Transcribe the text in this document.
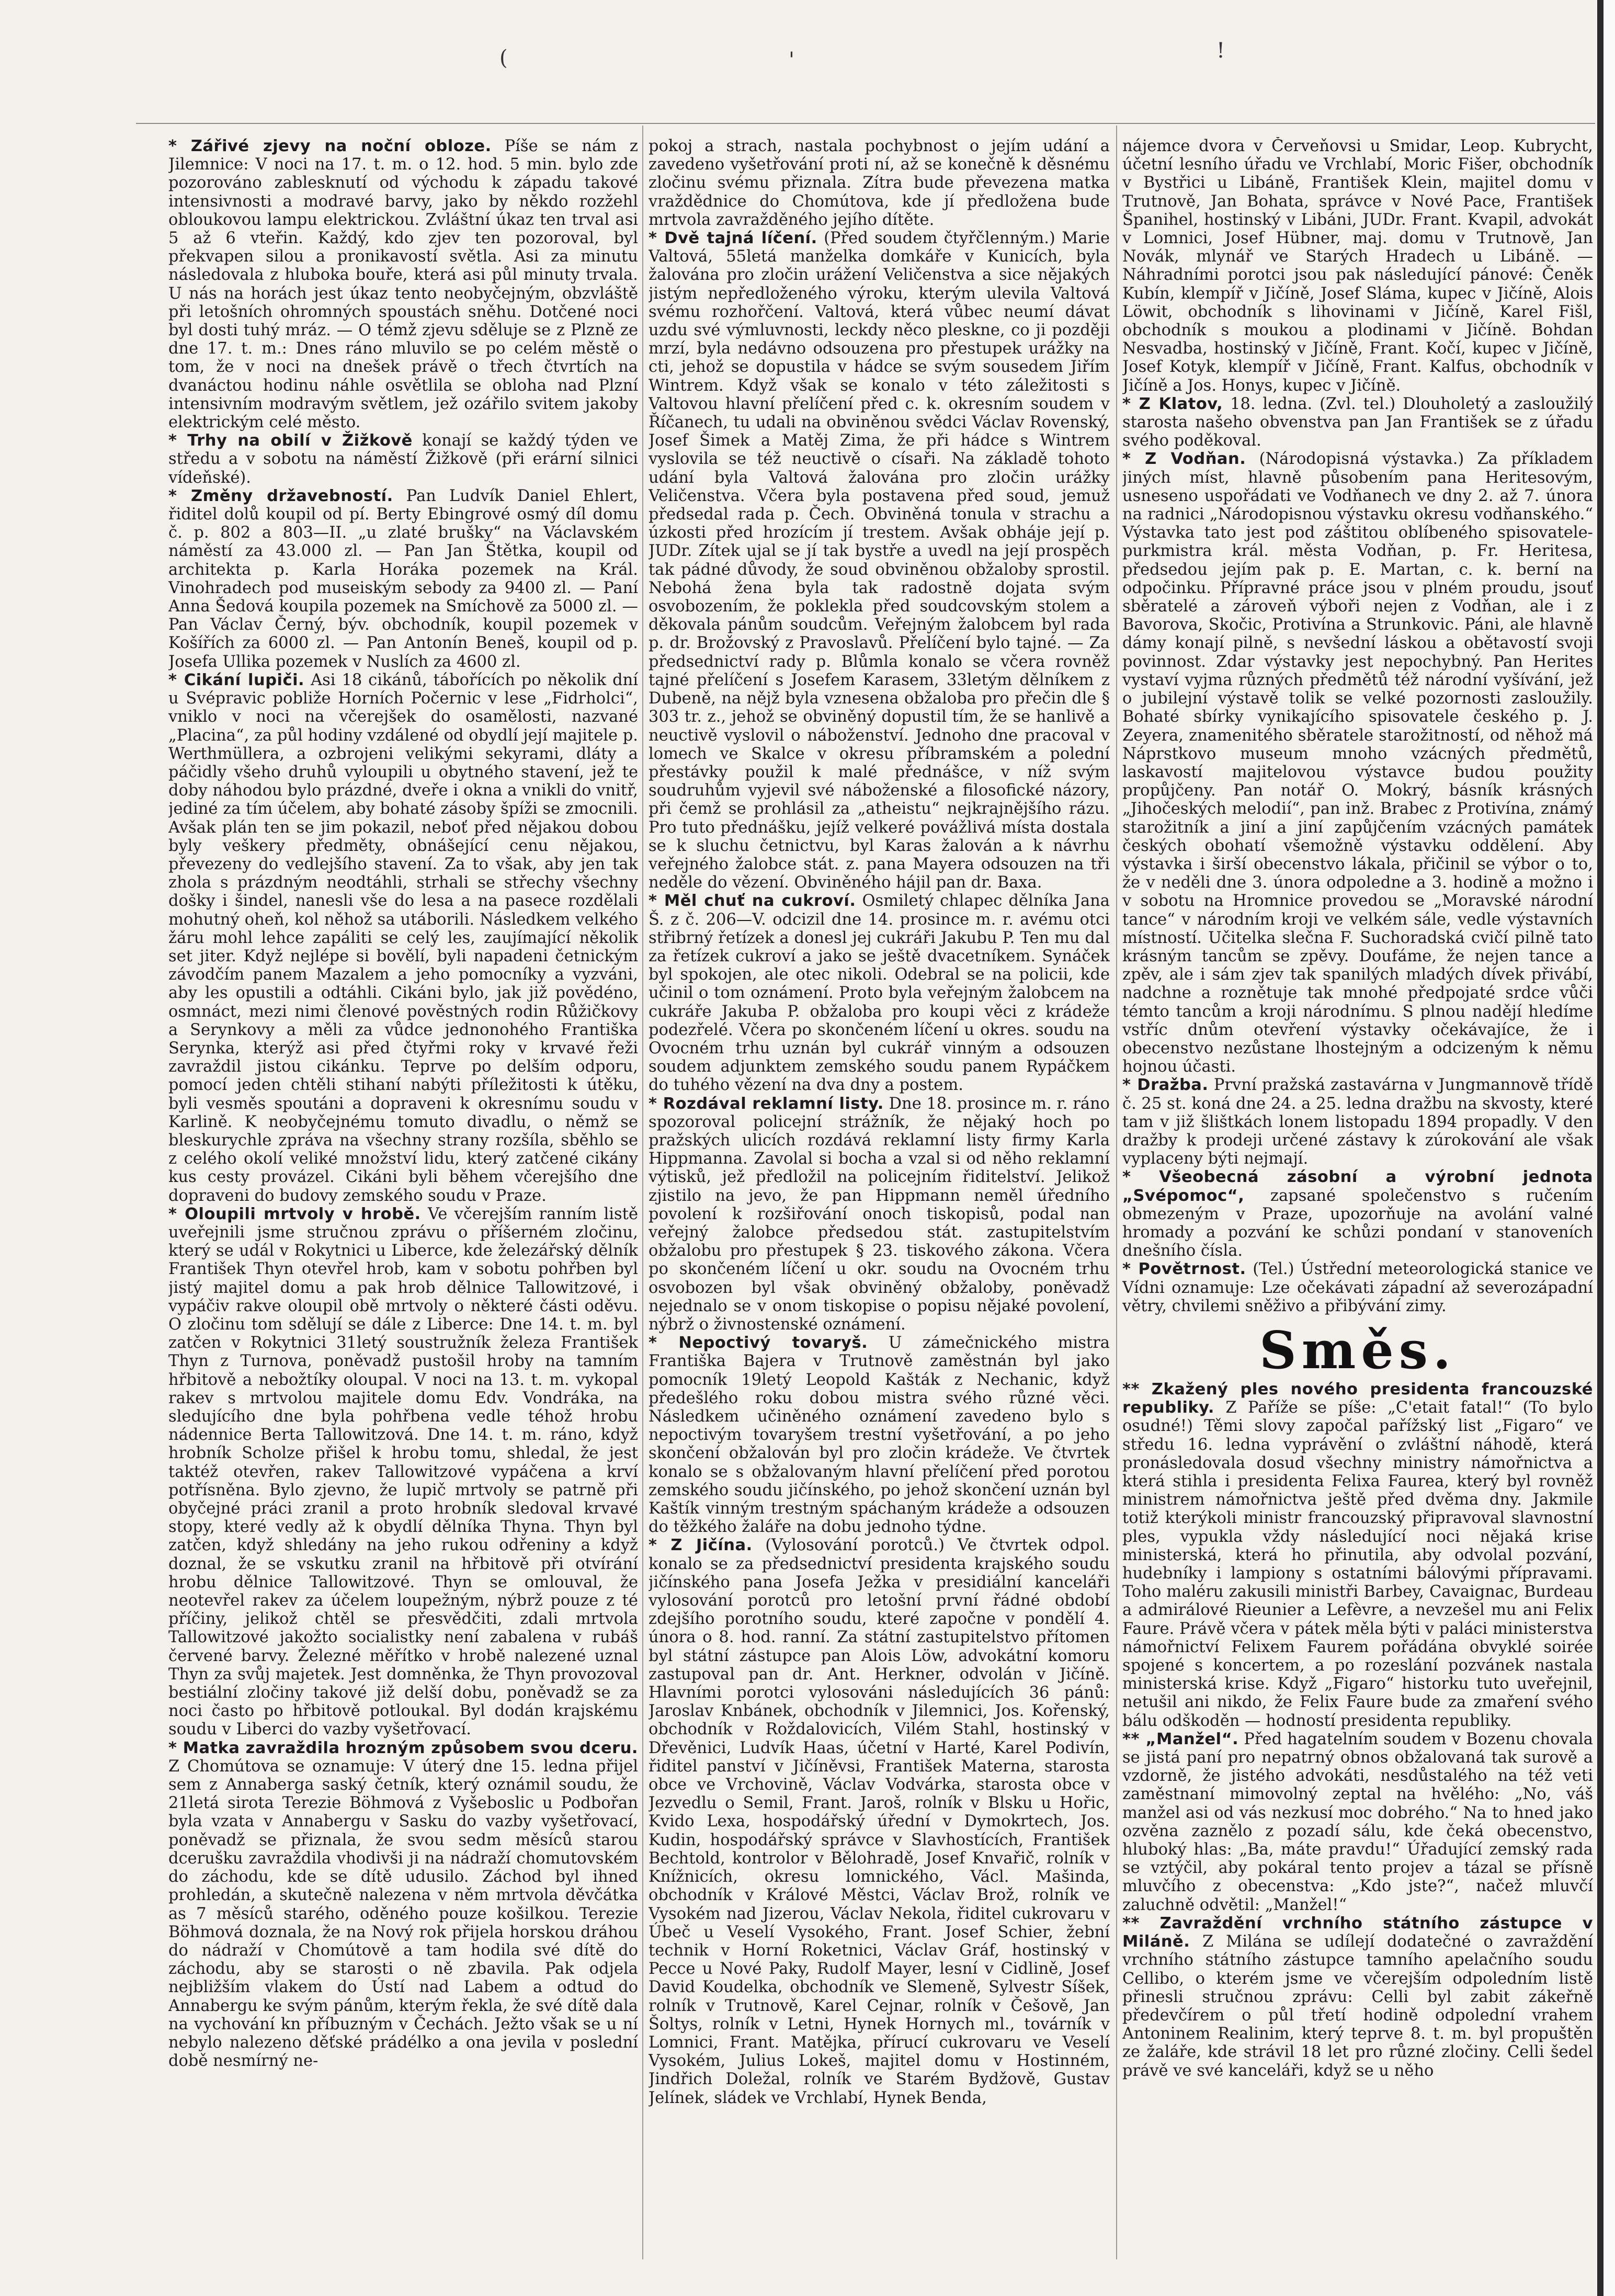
(	'	!

* Zářivé zjevy na noční obloze. Píše se nám z Jilemnice: V noci na 17. t. m. o 12. hod. 5 min. bylo zde pozorováno zablesknutí od východu k západu takové intensivnosti a modravé barvy, jako by někdo rozžehl obloukovou lampu elektrickou. Zvláštní úkaz ten trval asi 5 až 6 vteřin. Každý, kdo zjev ten pozoroval, byl překvapen silou a pronikavostí světla. Asi za minutu následovala z hluboka bouře, která asi půl minuty trvala. U nás na horách jest úkaz tento neobyčejným, obzvláště při letošních ohromných spoustách sněhu. Dotčené noci byl dosti tuhý mráz. — O témž zjevu sděluje se z Plzně ze dne 17. t. m.: Dnes ráno mluvilo se po celém městě o tom, že v noci na dnešek právě o třech čtvrtích na dvanáctou hodinu náhle osvětlila se obloha nad Plzní intensivním modravým světlem, jež ozářilo svitem jakoby elektrickým celé město.

* Trhy na obilí v Žižkově konají se každý týden ve středu a v sobotu na náměstí Žižkově (při erární silnici vídeňské).

* Změny državebností. Pan Ludvík Daniel Ehlert, řiditel dolů koupil od pí. Berty Ebingrové osmý díl domu č. p. 802 a 803—II. „u zlaté brušky“ na Václavském náměstí za 43.000 zl. — Pan Jan Štětka, koupil od architekta p. Karla Horáka pozemek na Král. Vinohradech pod museiským sebody za 9400 zl. — Paní Anna Šedová koupila pozemek na Smíchově za 5000 zl. — Pan Václav Černý, býv. obchodník, koupil pozemek v Košířích za 6000 zl. — Pan Antonín Beneš, koupil od p. Josefa Ullika pozemek v Nuslích za 4600 zl.

* Cikání lupiči. Asi 18 cikánů, tábořících po několik dní u Svépravic pobliže Horních Počernic v lese „Fidrholci“, vniklo v noci na včerejšek do osamělosti, nazvané „Placina“, za půl hodiny vzdálené od obydlí její majitele p. Werthmüllera, a ozbrojeni velikými sekyrami, dláty a páčidly všeho druhů vyloupili u obytného stavení, jež te doby náhodou bylo prázdné, dveře i okna a vnikli do vnitř, jediné za tím účelem, aby bohaté zásoby špíži se zmocnili. Avšak plán ten se jim pokazil, neboť před nějakou dobou byly veškery předměty, obnášející cenu nějakou, převezeny do vedlejšího stavení. Za to však, aby jen tak zhola s prázdným neodtáhli, strhali se střechy všechny došky i šindel, nanesli vše do lesa a na pasece rozdělali mohutný oheň, kol něhož sa utáborili. Následkem velkého žáru mohl lehce zapáliti se celý les, zaujímající několik set jiter. Když nejlépe si bovělí, byli napadeni četnickým závodčím panem Mazalem a jeho pomocníky a vyzváni, aby les opustili a odtáhli. Cikáni bylo, jak již povědéno, osmnáct, mezi nimi členové pověstných rodin Růžičkovy a Serynkovy a měli za vůdce jednonohého Františka Serynka, kterýž asi před čtyřmi roky v krvavé řeži zavraždil jistou cikánku. Teprve po delším odporu, pomocí jeden chtěli stihaní nabýti příležitosti k útěku, byli vesměs spoutáni a dopraveni k okresnímu soudu v Karlině. K neobyčejnému tomuto divadlu, o němž se bleskurychle zpráva na všechny strany rozšíla, sběhlo se z celého okolí veliké množství lidu, který zatčené cikány kus cesty provázel. Cikáni byli během včerejšího dne dopraveni do budovy zemského soudu v Praze.

* Oloupili mrtvoly v hrobě. Ve včerejším ranním listě uveřejnili jsme stručnou zprávu o příšerném zločinu, který se udál v Rokytnici u Liberce, kde železářský dělník František Thyn otevřel hrob, kam v sobotu pohřben byl jistý majitel domu a pak hrob dělnice Tallowitzové, i vypáčiv rakve oloupil obě mrtvoly o některé části oděvu. O zločinu tom sdělují se dále z Liberce: Dne 14. t. m. byl zatčen v Rokytnici 31letý soustružník železa František Thyn z Turnova, poněvadž pustošil hroby na tamním hřbitově a nebožtíky oloupal. V noci na 13. t. m. vykopal rakev s mrtvolou majitele domu Edv. Vondráka, na sledujícího dne byla pohřbena vedle téhož hrobu nádennice Berta Tallowitzová. Dne 14. t. m. ráno, když hrobník Scholze přišel k hrobu tomu, shledal, že jest taktéž otevřen, rakev Tallowitzové vypáčena a krví potřísněna. Bylo zjevno, že lupič mrtvoly se patrně při obyčejné práci zranil a proto hrobník sledoval krvavé stopy, které vedly až k obydlí dělníka Thyna. Thyn byl zatčen, když shledány na jeho rukou odřeniny a když doznal, že se vskutku zranil na hřbitově při otvírání hrobu dělnice Tallowitzové. Thyn se omlouval, že neotevřel rakev za účelem loupežným, nýbrž pouze z té příčiny, jelikož chtěl se přesvědčiti, zdali mrtvola Tallowitzové jakožto socialistky není zabalena v rubáš červené barvy. Železné měřítko v hrobě nalezené uznal Thyn za svůj majetek. Jest domněnka, že Thyn provozoval bestiální zločiny takové již delší dobu, poněvadž se za noci často po hřbitově potloukal. Byl dodán krajskému soudu v Liberci do vazby vyšetřovací.

* Matka zavraždila hrozným způsobem svou dceru. Z Chomútova se oznamuje: V úterý dne 15. ledna přijel sem z Annaberga saský četník, který oznámil soudu, že 21letá sirota Terezie Böhmová z Vyšeboslic u Podbořan byla vzata v Annabergu v Sasku do vazby vyšetřovací, poněvadž se přiznala, že svou sedm měsíců starou dcerušku zavraždila vhodivši ji na nádraží chomutovském do záchodu, kde se dítě udusilo. Záchod byl ihned prohledán, a skutečně nalezena v něm mrtvola děvčátka as 7 měsíců starého, oděného pouze košilkou. Terezie Böhmová doznala, že na Nový rok přijela horskou dráhou do nádraží v Chomútově a tam hodila své dítě do záchodu, aby se starosti o ně zbavila. Pak odjela nejbližším vlakem do Ústí nad Labem a odtud do Annabergu ke svým pánům, kterým řekla, že své dítě dala na vychování kn příbuzným v Čechách. Ježto však se u ní nebylo nalezeno děťské prádélko a ona jevila v poslední době nesmírný ne-

pokoj a strach, nastala pochybnost o jejím udání a zavedeno vyšetřování proti ní, až se konečně k děsnému zločinu svému přiznala. Zítra bude převezena matka vraždědnice do Chomútova, kde jí předložena bude mrtvola zavražděného jejího dítěte.

* Dvě tajná líčení. (Před soudem čtyřčlenným.) Marie Valtová, 55letá manželka domkáře v Kunicích, byla žalována pro zločin urážení Veličenstva a sice nějakých jistým nepředloženého výroku, kterým ulevila Valtová svému rozhořčení. Valtová, která vůbec neumí dávat uzdu své výmluvnosti, leckdy něco plesknе, co ji později mrzí, byla nedávno odsouzena pro přestupek urážky na cti, jehož se dopustila v hádce se svým sousedem Jiřím Wintrem. Když však se konalo v této záležitosti s Valtovou hlavní přelíčení před c. k. okresním soudem v Říčanech, tu udali na obviněnou svědci Václav Rovenský, Josef Šimek a Matěj Zima, že při hádce s Wintrem vyslovila se též neuctivě o císaři. Na základě tohoto udání byla Valtová žalována pro zločin urážky Veličenstva. Včera byla postavena před soud, jemuž předsedal rada p. Čech. Obviněná tonula v strachu a úzkosti před hrozícím jí trestem. Avšak obháje její p. JUDr. Zítek ujal se jí tak bystře a uvedl na její prospěch tak pádné důvody, že soud obviněnou obžaloby sprostil. Nebohá žena byla tak radostně dojata svým osvobozením, že poklekla před soudcovským stolem a děkovala pánům soudcům. Veřejným žalobcem byl rada p. dr. Brožovský z Pravoslavů. Přelíčení bylo tajné. — Za předsednictví rady p. Blůmla konalo se včera rovněž tajné přelíčení s Josefem Karasem, 33letým dělníkem z Dubeně, na nějž byla vznesena obžaloba pro přečin dle § 303 tr. z., jehož se obviněný dopustil tím, že se hanlivě a neuctivě vyslovil o náboženství. Jednoho dne pracoval v lomech ve Skalce v okresu příbramském a polední přestávky použil k malé přednášce, v níž svým soudruhům vyjevil své náboženské a filosofické názory, při čemž se prohlásil za „atheistu“ nejkrajnějšího rázu. Pro tuto přednášku, jejíž velkeré povážlivá místa dostala se k sluchu četnictvu, byl Karas žalován a k návrhu veřejného žalobce stát. z. pana Mayera odsouzen na tři neděle do vězení. Obviněného hájil pan dr. Baxa.

* Měl chuť na cukroví. Osmiletý chlapec dělníka Jana Š. z č. 206—V. odcizil dne 14. prosince m. r. avému otci střibrný řetízek a donesl jej cukráři Jakubu P. Ten mu dal za řetízek cukroví a jako se ještě dvacetníkem. Synáček byl spokojen, ale otec nikoli. Odebral se na policii, kde učinil o tom oznámení. Proto byla veřejným žalobcem na cukráře Jakuba P. obžaloba pro koupi věci z krádeže podezřelé. Včera po skončeném líčení u okres. soudu na Ovocném trhu uznán byl cukrář vinným a odsouzen soudem adjunktem zemského soudu panem Rypáčkem do tuhého vězení na dva dny a postem.

* Rozdával reklamní listy. Dne 18. prosince m. r. ráno spozoroval policejní strážník, že nějaký hoch po pražských ulicích rozdává reklamní listy firmy Karla Hippmanna. Zavolal si bocha a vzal si od něho reklamní výtisků, jež předložil na policejním řiditelství. Jelikož zjistilo na jevo, že pan Hippmann neměl úředního povolení k rozšiřování onoch tiskopisů, podal nan veřejný žalobce předsedou stát. zastupitelstvím obžalobu pro přestupek § 23. tiskového zákona. Včera po skončeném líčení u okr. soudu na Ovocném trhu osvobozen byl však obviněný obžaloby, poněvadž nejednalo se v onom tiskopise o popisu nějaké povolení, nýbrž o živnostenské oznámení.

* Nepoctivý tovaryš. U zámečnického mistra Františka Bajera v Trutnově zaměstnán byl jako pomocník 19letý Leopold Kašták z Nechanic, když předešlého roku dobou mistra svého různé věci. Následkem učiněného oznámení zavedeno bylo s nepoctivým tovaryšem trestní vyšetřování, a po jeho skončení obžalován byl pro zločin krádeže. Ve čtvrtek konalo se s obžalovaným hlavní přelíčení před porotou zemského soudu jičínského, po jehož skončení uznán byl Kaštík vinným trestným spáchaným krádeže a odsouzen do těžkého žaláře na dobu jednoho týdne.

* Z Jičína. (Vylosování porotců.) Ve čtvrtek odpol. konalo se za předsednictví presidenta krajského soudu jičínského pana Josefa Ježka v presidiální kanceláři vylosování porotců pro letošní první řádné období zdejšího porotního soudu, které započne v pondělí 4. února o 8. hod. ranní. Za státní zastupitelstvo přítomen byl státní zástupce pan Alois Löw, advokátní komoru zastupoval pan dr. Ant. Herkner, odvolán v Jičíně. Hlavními porotci vylosováni následujících 36 pánů: Jaroslav Knbánek, obchodník v Jilemnici, Jos. Kořenský, obchodník v Roždalovicích, Vilém Stahl, hostinský v Dřevěnici, Ludvík Haas, účetní v Harté, Karel Podivín, řiditel panství v Jičíněvsi, František Materna, starosta obce ve Vrchovině, Václav Vodvárka, starosta obce v Jezvedlu o Semil, Frant. Jaroš, rolník v Blsku u Hořic, Kvido Lexa, hospodářský úřední v Dymokrtech, Jos. Kudin, hospodářský správce v Slavhostících, František Bechtold, kontrolor v Bělohradě, Josef Knvařič, rolník v Knížnicích, okresu lomnického, Václ. Mašinda, obchodník v Králové Městci, Václav Brož, rolník ve Vysokém nad Jizerou, Václav Nekola, řiditel cukrovaru v Úbeč u Veselí Vysokého, Frant. Josef Schier, žební technik v Horní Roketnici, Václav Gráf, hostinský v Pecce u Nové Paky, Rudolf Mayer, lesní v Cidlině, Josef David Koudelka, obchodník ve Slemeně, Sylvestr Síšek, rolník v Trutnově, Karel Cejnar, rolník v Češově, Jan Šoltys, rolník v Letni, Hynek Hornych ml., továrník v Lomnici, Frant. Matějka, přírucí cukrovaru ve Veselí Vysokém, Julius Lokeš, majitel domu v Hostinném, Jindřich Doležal, rolník ve Starém Bydžově, Gustav Jelínek, sládek ve Vrchlabí, Hynek Benda,

nájemce dvora v Červeňovsi u Smidar, Leop. Kubrycht, účetní lesního úřadu ve Vrchlabí, Moric Fišer, obchodník v Bystřici u Libáně, František Klein, majitel domu v Trutnově, Jan Bohata, správce v Nové Pace, František Španihel, hostinský v Libáni, JUDr. Frant. Kvapil, advokát v Lomnici, Josef Hübner, maj. domu v Trutnově, Jan Novák, mlynář ve Starých Hradech u Libáně. — Náhradními porotci jsou pak následující pánové: Čeněk Kubín, klempíř v Jičíně, Josef Sláma, kupec v Jičíně, Alois Löwit, obchodník s lihovinami v Jičíně, Karel Fišl, obchodník s moukou a plodinami v Jičíně. Bohdan Nesvadba, hostinský v Jičíně, Frant. Kočí, kupec v Jičíně, Josef Kotyk, klempíř v Jičíně, Frant. Kalfus, obchodník v Jičíně a Jos. Honys, kupec v Jičíně.

* Z Klatov, 18. ledna. (Zvl. tel.) Dlouholetý a zasloužilý starosta našeho obvenstva pan Jan František se z úřadu svého poděkoval.

* Z Vodňan. (Národopisná výstavka.) Za příkladem jiných míst, hlavně působením pana Heritesovým, usneseno uspořádati ve Vodňanech ve dny 2. až 7. února na radnici „Národopisnou výstavku okresu vodňanského.“ Výstavka tato jest pod záštitou oblíbeného spisovatele-purkmistra král. města Vodňan, p. Fr. Heritesa, předsedou jejím pak p. E. Martan, c. k. berní na odpočinku. Přípravné práce jsou v plném proudu, jsouť sběratelé a zároveň výboři nejen z Vodňan, ale i z Bavorova, Skočic, Protivína a Strunkovic. Páni, ale hlavně dámy konají pilně, s nevšední láskou a obětavostí svoji povinnost. Zdar výstavky jest nepochybný. Pan Herites vystaví vyjma různých předmětů též národní vyšívání, jež o jubilejní výstavě tolik se velké pozornosti zasloužily. Bohaté sbírky vynikajícího spisovatele českého p. J. Zeyera, znamenitého sběratele starožitností, od něhož má Náprstkovo museum mnoho vzácných předmětů, laskavostí majitelovou výstavce budou použity propůjčeny. Pan notář O. Mokrý, básník krásných „Jihočeských melodií“, pan inž. Brabec z Protivína, známý starožitník a jiní a jiní zapůjčením vzácných památek českých obohatí všemožně výstavku oddělení. Aby výstavka i širší obecenstvo lákala, přičinil se výbor o to, že v neděli dne 3. února odpoledne a 3. hodině a možno i v sobotu na Hromnice provedou se „Moravské národní tance“ v národním kroji ve velkém sále, vedle výstavních místností. Učitelka slečna F. Suchoradská cvičí pilně tato krásným tancům se zpěvy. Doufáme, že nejen tance a zpěv, ale i sám zjev tak spanilých mladých dívek přivábí, nadchne a roznětuje tak mnohé předpojaté srdce vůči témto tancům a kroji národnímu. S plnou nadějí hledíme vstříc dnům otevření výstavky očekávajíce, že i obecenstvo nezůstane lhostejným a odcizeným k němu hojnou účasti.

* Dražba. První pražská zastavárna v Jungmannově třídě č. 25 st. koná dne 24. a 25. ledna dražbu na skvosty, které tam v již šlištkách lonem listopadu 1894 propadly. V den dražby k prodeji určené zástavy k zúrokování ale však vyplaceny býti nejmají.

* Všeobecná zásobní a výrobní jednota „Svépomoc“, zapsané společenstvo s ručením obmezeným v Praze, upozorňuje na avolání valné hromady a pozvání ke schůzi pondaní v stanoveních dnešního čísla.

* Povětrnost. (Tel.) Ústřední meteorologická stanice ve Vídni oznamuje: Lze očekávati západní až severozápadní větry, chvilemi sněživo a přibývání zimy.

Směs.

** Zkažený ples nového presidenta francouzské republiky. Z Paříže se píše: „C'etait fatal!“ (To bylo osudné!) Těmi slovy započal pařížský list „Figaro“ ve středu 16. ledna vyprávění o zvláštní náhodě, která pronásledovala dosud všechny ministry námořnictva a která stihla i presidenta Felixa Faurea, který byl rovněž ministrem námořnictva ještě před dvěma dny. Jakmile totiž kterýkoli ministr francouzský připravoval slavnostní ples, vypukla vždy následující noci nějaká krise ministerská, která ho přinutila, aby odvolal pozvání, hudebníky i lampiony s ostatními bálovými přípravami. Toho maléru zakusili ministři Barbey, Cavaignac, Burdeau a admirálové Rieunier a Lefèvre, a nevzešel mu ani Felix Faure. Právě včera v pátek měla býti v paláci ministerstva námořnictví Felixem Faurem pořádána obvyklé soirée spojené s koncertem, a po rozeslání pozvánek nastala ministerská krise. Když „Figaro“ historku tuto uveřejnil, netušil ani nikdo, že Felix Faure bude za zmaření svého bálu odškoděn — hodností presidenta republiky.

** „Manžel“. Před hagatelním soudem v Bozenu chovala se jistá paní pro nepatrný obnos obžalovaná tak surově a vzdorně, že jistého advokáti, nesdůstalého na též veti zaměstnaní mimovolný zeptal na hvělého: „No, váš manžel asi od vás nezkusí moc dobrého.“ Na to hned jako ozvěna zaznělo z pozadí sálu, kde čeká obecenstvo, hluboký hlas: „Ba, máte pravdu!“ Úřadující zemský rada se vztýčil, aby pokáral tento projev a tázal se přísně mluvčího z obecenstva: „Kdo jste?“, načež mluvčí zaluchně odvětil: „Manžel!“

** Zavraždění vrchního státního zástupce v Miláně. Z Milána se udílejí dodatečné o zavraždění vrchního státního zástupce tamního apelačního soudu Cellibo, o kterém jsme ve včerejším odpoledním listě přinesli stručnou zprávu: Celli byl zabit zákeřně předevčírem o půl třetí hodině odpolední vrahem Antoninem Realinim, který teprve 8. t. m. byl propuštěn ze žaláře, kde strávil 18 let pro různé zločiny. Celli šedel právě ve své kanceláři, když se u něho
